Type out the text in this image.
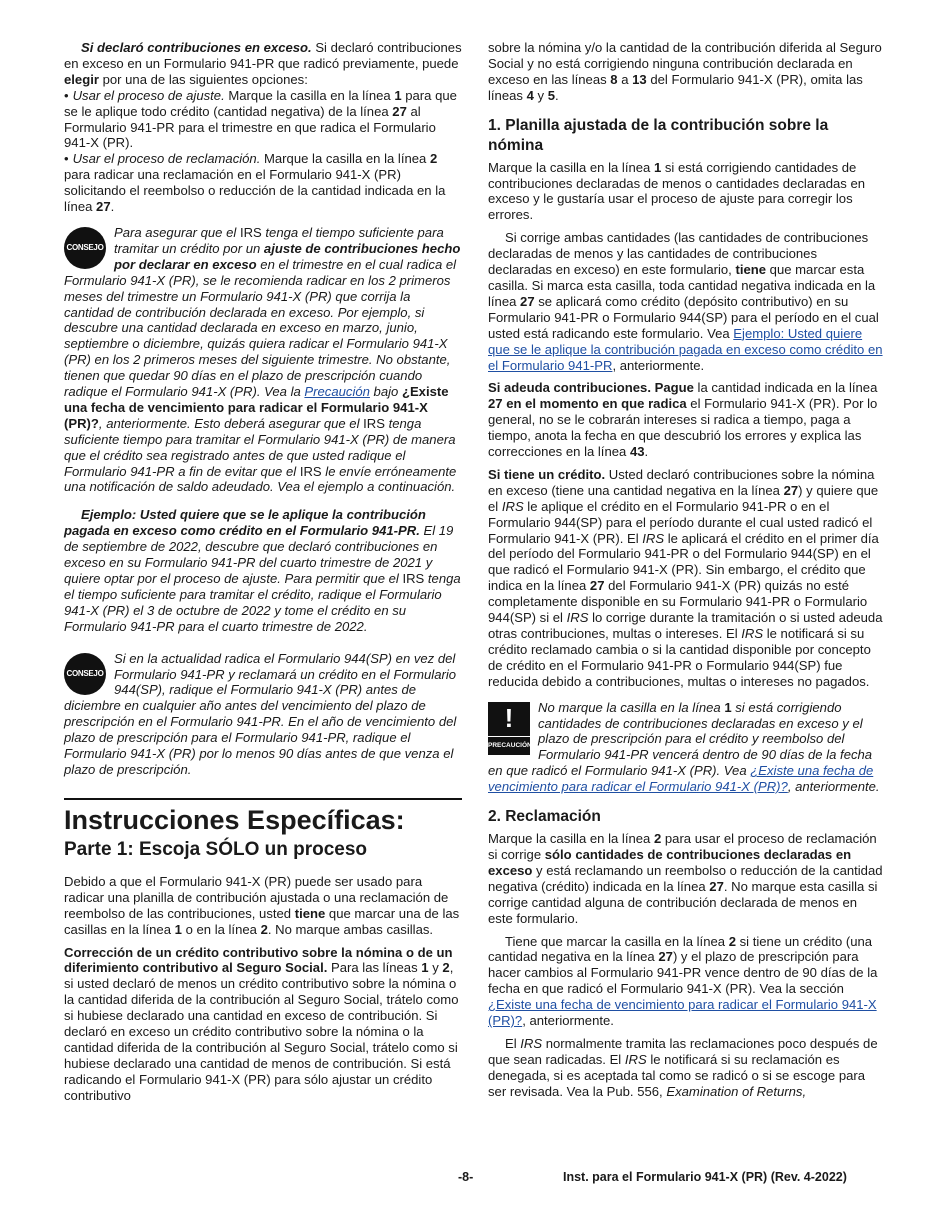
Si declaró contribuciones en exceso. Si declaró contribuciones en exceso en un Formulario 941-PR que radicó previamente, puede elegir por una de las siguientes opciones:

• Usar el proceso de ajuste. Marque la casilla en la línea 1 para que se le aplique todo crédito (cantidad negativa) de la línea 27 al Formulario 941-PR para el trimestre en que radica el Formulario 941-X (PR).

• Usar el proceso de reclamación. Marque la casilla en la línea 2 para radicar una reclamación en el Formulario 941-X (PR) solicitando el reembolso o reducción de la cantidad indicada en la línea 27.

CONSEJO
Para asegurar que el IRS tenga el tiempo suficiente para tramitar un crédito por un ajuste de contribuciones hecho por declarar en exceso en el trimestre en el cual radica el Formulario 941-X (PR), se le recomienda radicar en los 2 primeros meses del trimestre un Formulario 941-X (PR) que corrija la cantidad de contribución declarada en exceso. Por ejemplo, si descubre una cantidad declarada en exceso en marzo, junio, septiembre o diciembre, quizás quiera radicar el Formulario 941-X (PR) en los 2 primeros meses del siguiente trimestre. No obstante, tienen que quedar 90 días en el plazo de prescripción cuando radique el Formulario 941-X (PR). Vea la Precaución bajo ¿Existe una fecha de vencimiento para radicar el Formulario 941-X (PR)?, anteriormente. Esto deberá asegurar que el IRS tenga suficiente tiempo para tramitar el Formulario 941-X (PR) de manera que el crédito sea registrado antes de que usted radique el Formulario 941-PR a fin de evitar que el IRS le envíe erróneamente una notificación de saldo adeudado. Vea el ejemplo a continuación.

Ejemplo: Usted quiere que se le aplique la contribución pagada en exceso como crédito en el Formulario 941-PR. El 19 de septiembre de 2022, descubre que declaró contribuciones en exceso en su Formulario 941-PR del cuarto trimestre de 2021 y quiere optar por el proceso de ajuste. Para permitir que el IRS tenga el tiempo suficiente para tramitar el crédito, radique el Formulario 941-X (PR) el 3 de octubre de 2022 y tome el crédito en su Formulario 941-PR para el cuarto trimestre de 2022.

CONSEJO
Si en la actualidad radica el Formulario 944(SP) en vez del Formulario 941-PR y reclamará un crédito en el Formulario 944(SP), radique el Formulario 941-X (PR) antes de diciembre en cualquier año antes del vencimiento del plazo de prescripción en el Formulario 941-PR. En el año de vencimiento del plazo de prescripción para el Formulario 941-PR, radique el Formulario 941-X (PR) por lo menos 90 días antes de que venza el plazo de prescripción.
Instrucciones Específicas:
Parte 1: Escoja SÓLO un proceso

Debido a que el Formulario 941-X (PR) puede ser usado para radicar una planilla de contribución ajustada o una reclamación de reembolso de las contribuciones, usted tiene que marcar una de las casillas en la línea 1 o en la línea 2. No marque ambas casillas.

Corrección de un crédito contributivo sobre la nómina o de un diferimiento contributivo al Seguro Social. Para las líneas 1 y 2, si usted declaró de menos un crédito contributivo sobre la nómina o la cantidad diferida de la contribución al Seguro Social, trátelo como si hubiese declarado una cantidad en exceso de contribución. Si declaró en exceso un crédito contributivo sobre la nómina o la cantidad diferida de la contribución al Seguro Social, trátelo como si hubiese declarado una cantidad de menos de contribución. Si está radicando el Formulario 941-X (PR) para sólo ajustar un crédito contributivo

sobre la nómina y/o la cantidad de la contribución diferida al Seguro Social y no está corrigiendo ninguna contribución declarada en exceso en las líneas 8 a 13 del Formulario 941-X (PR), omita las líneas 4 y 5.

1. Planilla ajustada de la contribución sobre la nómina

Marque la casilla en la línea 1 si está corrigiendo cantidades de contribuciones declaradas de menos o cantidades declaradas en exceso y le gustaría usar el proceso de ajuste para corregir los errores.

Si corrige ambas cantidades (las cantidades de contribuciones declaradas de menos y las cantidades de contribuciones declaradas en exceso) en este formulario, tiene que marcar esta casilla. Si marca esta casilla, toda cantidad negativa indicada en la línea 27 se aplicará como crédito (depósito contributivo) en su Formulario 941-PR o Formulario 944(SP) para el período en el cual usted está radicando este formulario. Vea Ejemplo: Usted quiere que se le aplique la contribución pagada en exceso como crédito en el Formulario 941-PR, anteriormente.

Si adeuda contribuciones. Pague la cantidad indicada en la línea 27 en el momento en que radica el Formulario 941-X (PR). Por lo general, no se le cobrarán intereses si radica a tiempo, paga a tiempo, anota la fecha en que descubrió los errores y explica las correcciones en la línea 43.

Si tiene un crédito. Usted declaró contribuciones sobre la nómina en exceso (tiene una cantidad negativa en la línea 27) y quiere que el IRS le aplique el crédito en el Formulario 941-PR o en el Formulario 944(SP) para el período durante el cual usted radicó el Formulario 941-X (PR). El IRS le aplicará el crédito en el primer día del período del Formulario 941-PR o del Formulario 944(SP) en el que radicó el Formulario 941-X (PR). Sin embargo, el crédito que indica en la línea 27 del Formulario 941-X (PR) quizás no esté completamente disponible en su Formulario 941-PR o Formulario 944(SP) si el IRS lo corrige durante la tramitación o si usted adeuda otras contribuciones, multas o intereses. El IRS le notificará si su crédito reclamado cambia o si la cantidad disponible por concepto de crédito en el Formulario 941-PR o Formulario 944(SP) fue reducida debido a contribuciones, multas o intereses no pagados.

!
PRECAUCIÓN
No marque la casilla en la línea 1 si está corrigiendo cantidades de contribuciones declaradas en exceso y el plazo de prescripción para el crédito y reembolso del Formulario 941-PR vencerá dentro de 90 días de la fecha en que radicó el Formulario 941-X (PR). Vea ¿Existe una fecha de vencimiento para radicar el Formulario 941-X (PR)?, anteriormente.
2. Reclamación

Marque la casilla en la línea 2 para usar el proceso de reclamación si corrige sólo cantidades de contribuciones declaradas en exceso y está reclamando un reembolso o reducción de la cantidad negativa (crédito) indicada en la línea 27. No marque esta casilla si corrige cantidad alguna de contribución declarada de menos en este formulario.

Tiene que marcar la casilla en la línea 2 si tiene un crédito (una cantidad negativa en la línea 27) y el plazo de prescripción para hacer cambios al Formulario 941-PR vence dentro de 90 días de la fecha en que radicó el Formulario 941-X (PR). Vea la sección ¿Existe una fecha de vencimiento para radicar el Formulario 941-X (PR)?, anteriormente.

El IRS normalmente tramita las reclamaciones poco después de que sean radicadas. El IRS le notificará si su reclamación es denegada, si es aceptada tal como se radicó o si se escoge para ser revisada. Vea la Pub. 556, Examination of Returns,

-8-	Inst. para el Formulario 941-X (PR) (Rev. 4-2022)
